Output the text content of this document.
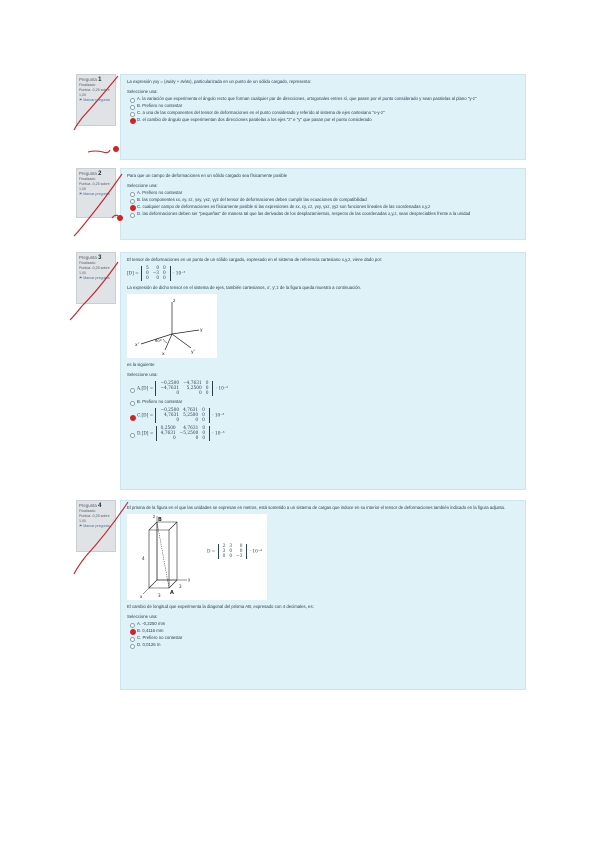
Pregunta 1
Finalizado
Puntúa -0,25 sobre 1,00
⚑ Marcar pregunta

La expresión γxy = (∂u/∂y + ∂v/∂x), particularizada en un punto de un sólido cargado, representa:

Seleccione una:
A. la variación que experimenta el ángulo recto que forman cualquier par de direcciones, ortogonales entres sí, que pasen por el punto considerado y sean paralelas al plano "y-z"
B. Prefiero no contestar
C. a una de las componentes del tensor de deformaciones en el punto considerado y referido al sistema de ejes cartesiano "x-y-z"
D. el cambio de ángulo que experimentan dos direcciones paralelas a los ejes "z" e "y" que pasan por el punto considerado
Pregunta 2
Finalizado
Puntúa -0,25 sobre 1,00
⚑ Marcar pregunta

Para que un campo de deformaciones en un sólido cargado sea físicamente posible

Seleccione una:
A. Prefiero no contestar
B. las componentes εx, εy, εz, γxy, γxz, γyz del tensor de deformaciones deben cumplir las ecuaciones de compatibilidad
C. cualquier campo de deformaciones es físicamente posible si las expresiones de εx, εy, εz, γxy, γxz, γyz son funciones lineales de las coordenadas x,y,z
D. las deformaciones deben ser "pequeñas" de manera tal que las derivadas de los desplazamientos, respecto de las coordenadas x,y,z, sean despreciables frente a la unidad
Pregunta 3
Finalizado
Puntúa -0,25 sobre 1,00
⚑ Marcar pregunta

El tensor de deformaciones en un punto de un sólido cargado, expresado en el sistema de referencia cartesiano x,y,z, viene dado por:

[D] =
5	0	0
0	−3	0
0	0	0
· 10⁻³

La expresión de dicho tensor en el sistema de ejes, también cartesianos, x', y',z de la figura queda muestra a continuación.

z
y
x
x'
y'
60º

es la siguiente

Seleccione una:
A.[D] =
−0,2500	−4,7631	0
−4,7631	5,2500	0
0	0	0
· 10⁻³
B. Prefiero no contestar
C.[D] =
−0,2500	4,7631	0
4,7631	5,2500	0
0	0	0
· 10⁻³
D.[D] =
0,2500	4,7631	0
4,7631	−5,2500	0
0	0	0
· 10⁻³
Pregunta 4
Finalizado
Puntúa -0,25 sobre 1,00
⚑ Marcar pregunta

El prisma de la figura en el que las unidades se expresan en metros, está sometido a un sistema de cargas que induce en su interior el tensor de deformaciones también indicado en la figura adjunta.

B
A
z
y
x
4
3
3
D =
2	3	0
3	0	0
0	0	−3
· 10⁻⁴

El cambio de longitud que experimenta la diagonal del prisma AB, expresado con 4 decimales, es:

Seleccione una:
A. -0,2250 mm
B. 0,4116 mm
C. Prefiero no contestar
D. 0,0126 m
